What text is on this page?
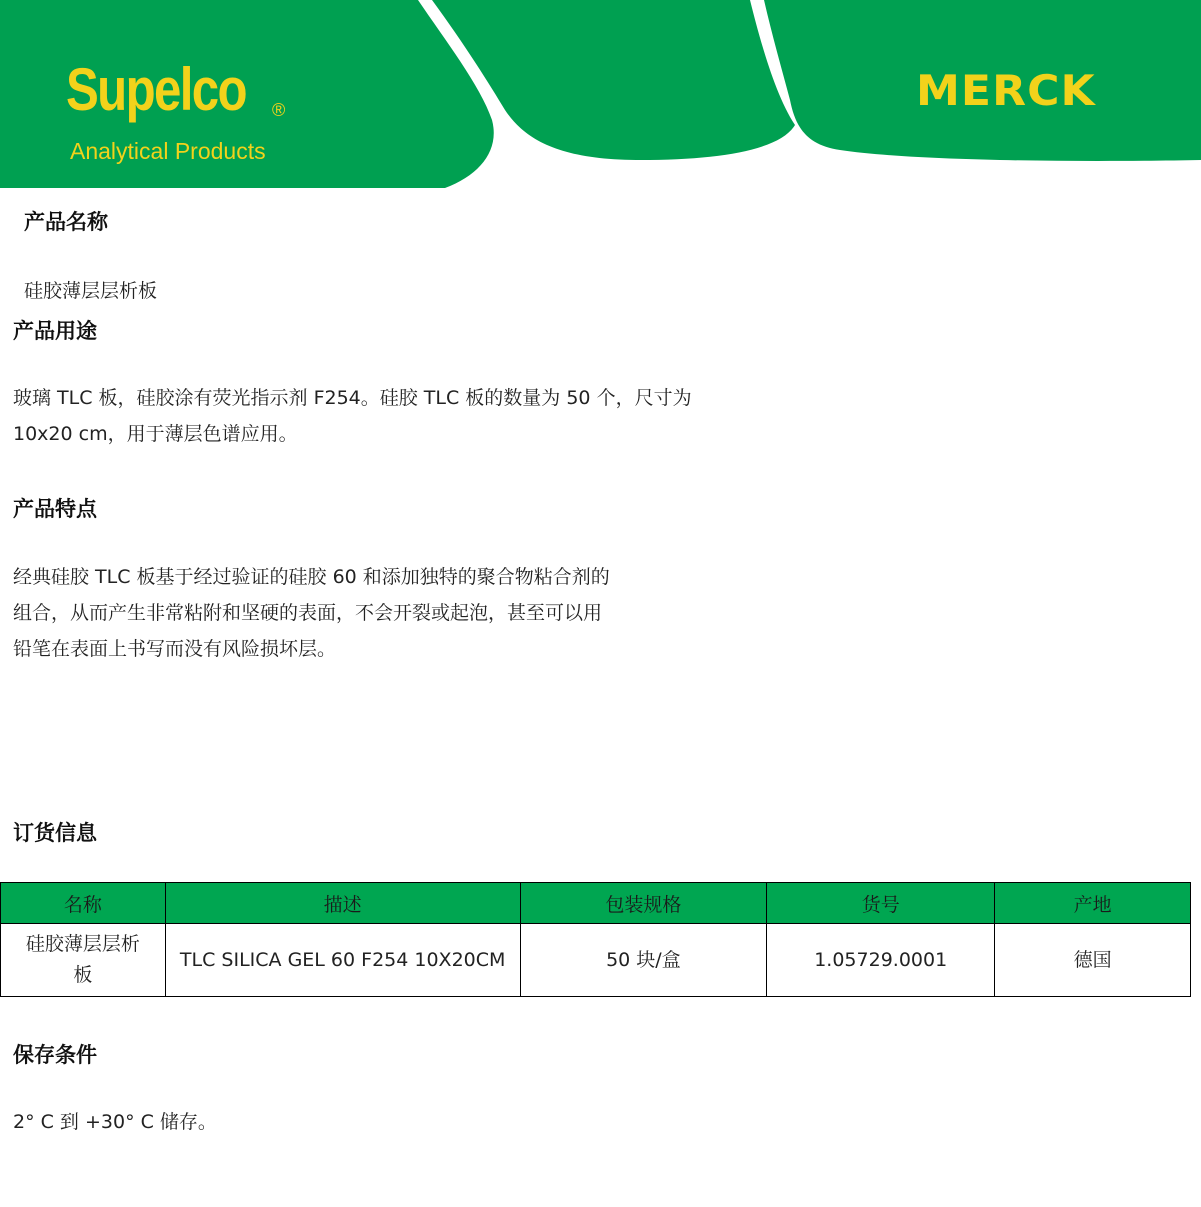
Supelco ®
Analytical Products
MERCK
产品名称
硅胶薄层层析板
产品用途
玻璃 TLC 板，硅胶涂有荧光指示剂 F254。硅胶 TLC 板的数量为 50 个，尺寸为
10x20 cm，用于薄层色谱应用。
产品特点
经典硅胶 TLC 板基于经过验证的硅胶 60 和添加独特的聚合物粘合剂的
组合，从而产生非常粘附和坚硬的表面，不会开裂或起泡，甚至可以用
铅笔在表面上书写而没有风险损坏层。
订货信息
名称	描述	包装规格	货号	产地
硅胶薄层层析
板	TLC SILICA GEL 60 F254 10X20CM	50 块/盒	1.05729.0001	德国
保存条件
2° C 到 +30° C 储存。
